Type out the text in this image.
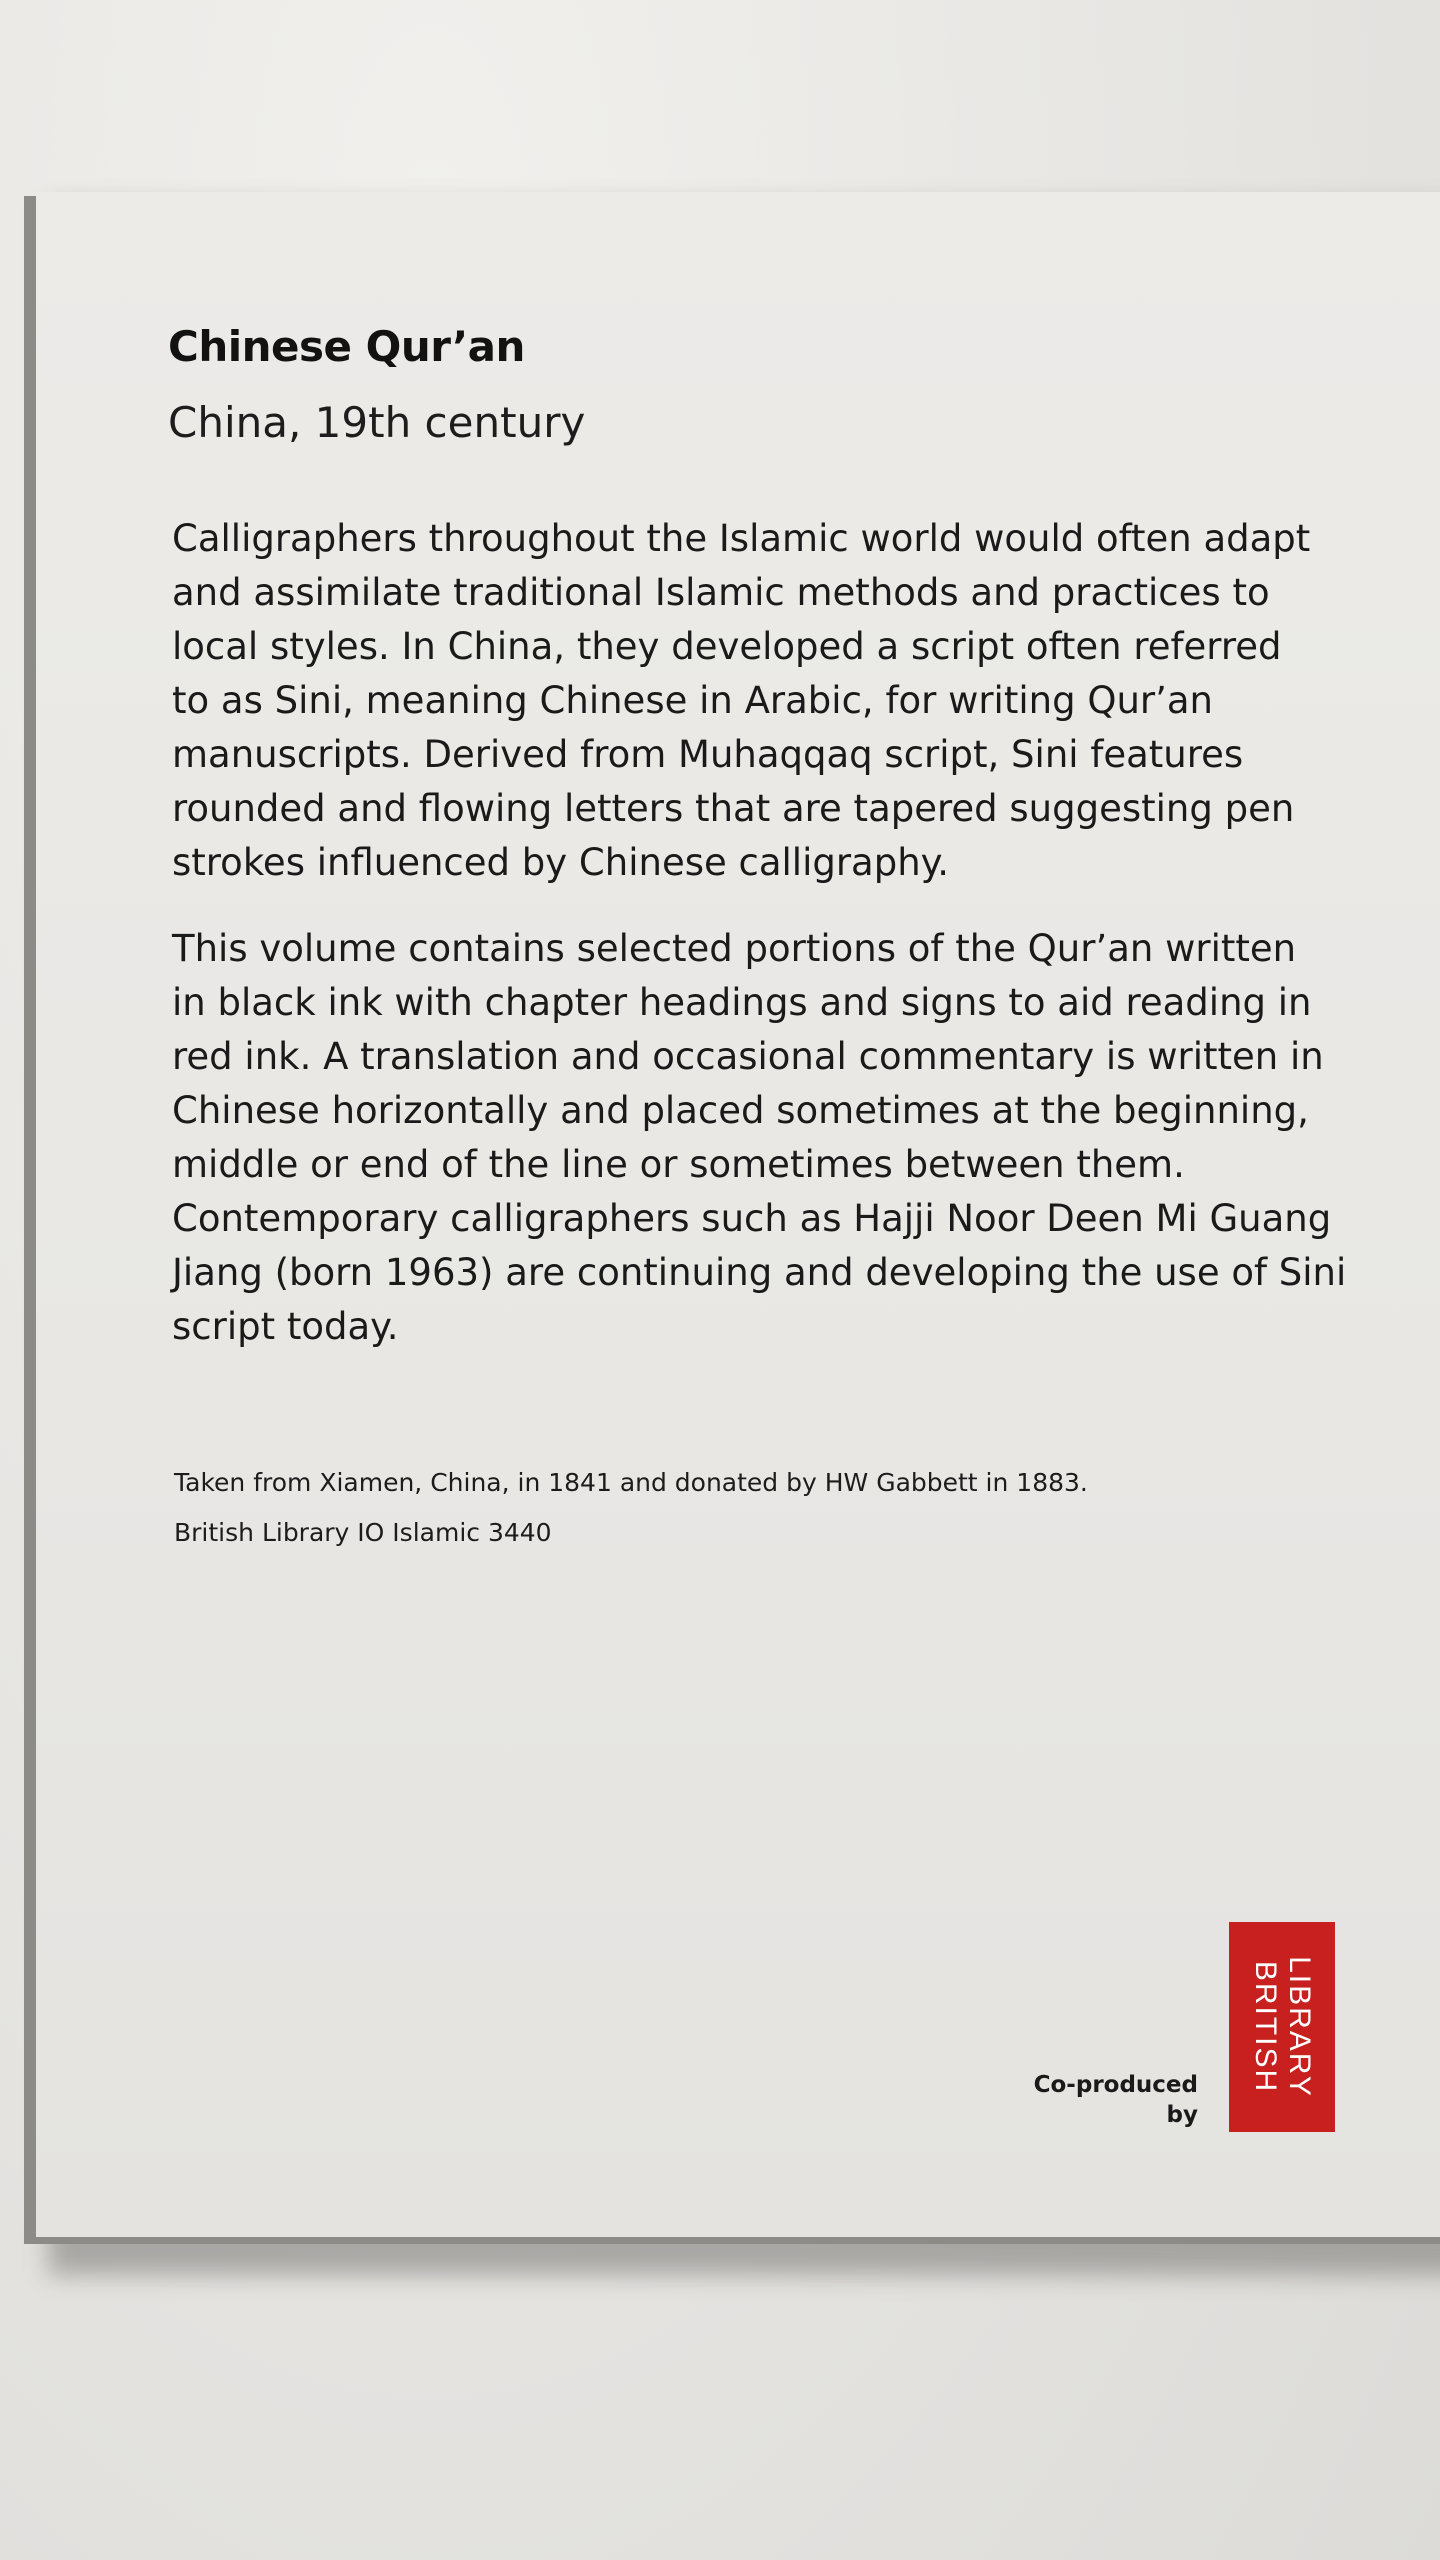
Chinese Qur’an
China, 19th century
Calligraphers throughout the Islamic world would often adapt
and assimilate traditional Islamic methods and practices to
local styles. In China, they developed a script often referred
to as Sini, meaning Chinese in Arabic, for writing Qur’an
manuscripts. Derived from Muhaqqaq script, Sini features
rounded and flowing letters that are tapered suggesting pen
strokes influenced by Chinese calligraphy.
This volume contains selected portions of the Qur’an written
in black ink with chapter headings and signs to aid reading in
red ink. A translation and occasional commentary is written in
Chinese horizontally and placed sometimes at the beginning,
middle or end of the line or sometimes between them.
Contemporary calligraphers such as Hajji Noor Deen Mi Guang
Jiang (born 1963) are continuing and developing the use of Sini
script today.
Taken from Xiamen, China, in 1841 and donated by HW Gabbett in 1883.
British Library IO Islamic 3440
Co-produced
by
LIBRARY
BRITISH
